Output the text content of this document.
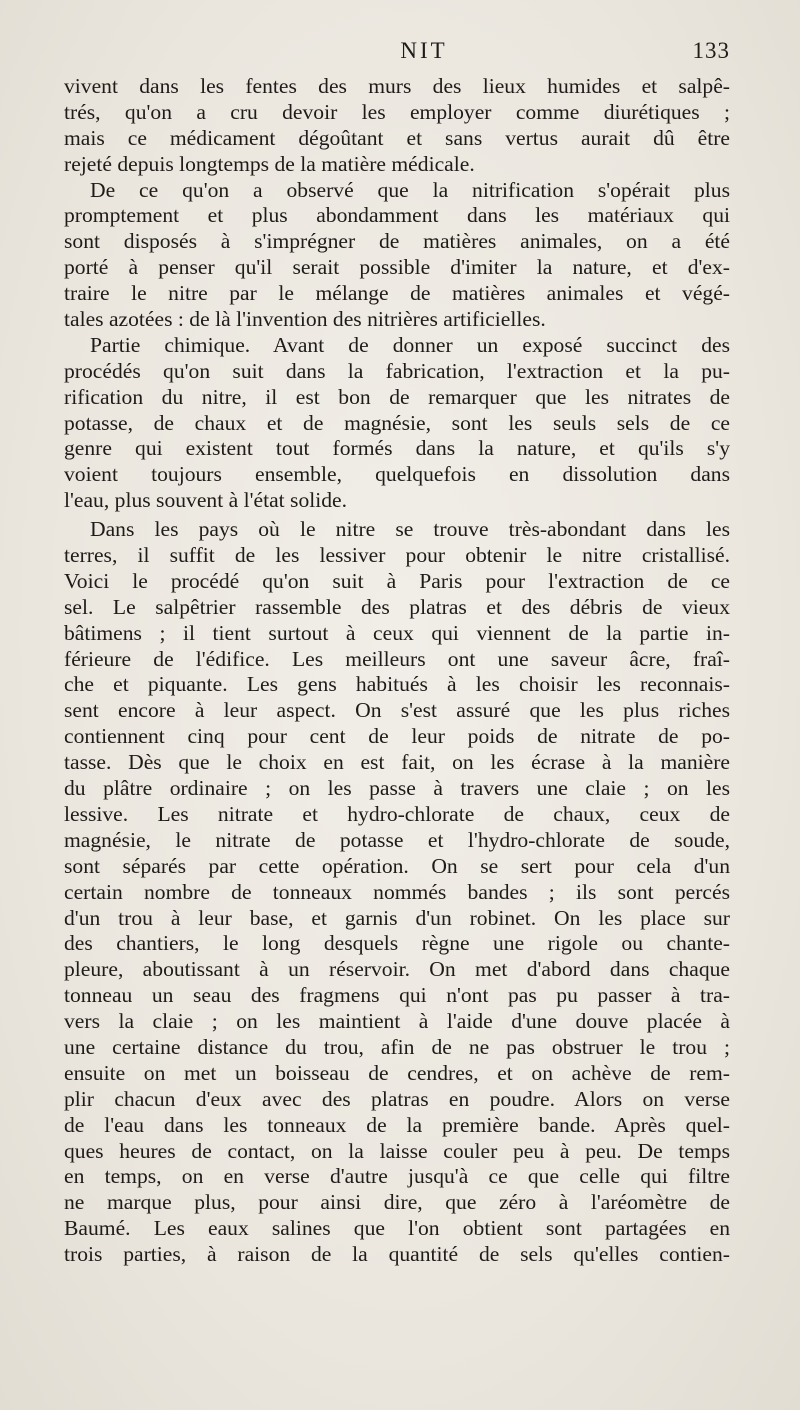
NIT	133
vivent dans les fentes des murs des lieux humides et salpê-
trés, qu'on a cru devoir les employer comme diurétiques ;
mais ce médicament dégoûtant et sans vertus aurait dû être
rejeté depuis longtemps de la matière médicale.
De ce qu'on a observé que la nitrification s'opérait plus
promptement et plus abondamment dans les matériaux qui
sont disposés à s'imprégner de matières animales, on a été
porté à penser qu'il serait possible d'imiter la nature, et d'ex-
traire le nitre par le mélange de matières animales et végé-
tales azotées : de là l'invention des nitrières artificielles.
Partie chimique. Avant de donner un exposé succinct des
procédés qu'on suit dans la fabrication, l'extraction et la pu-
rification du nitre, il est bon de remarquer que les nitrates de
potasse, de chaux et de magnésie, sont les seuls sels de ce
genre qui existent tout formés dans la nature, et qu'ils s'y
voient toujours ensemble, quelquefois en dissolution dans
l'eau, plus souvent à l'état solide.
Dans les pays où le nitre se trouve très-abondant dans les
terres, il suffit de les lessiver pour obtenir le nitre cristallisé.
Voici le procédé qu'on suit à Paris pour l'extraction de ce
sel. Le salpêtrier rassemble des platras et des débris de vieux
bâtimens ; il tient surtout à ceux qui viennent de la partie in-
férieure de l'édifice. Les meilleurs ont une saveur âcre, fraî-
che et piquante. Les gens habitués à les choisir les reconnais-
sent encore à leur aspect. On s'est assuré que les plus riches
contiennent cinq pour cent de leur poids de nitrate de po-
tasse. Dès que le choix en est fait, on les écrase à la manière
du plâtre ordinaire ; on les passe à travers une claie ; on les
lessive. Les nitrate et hydro-chlorate de chaux, ceux de
magnésie, le nitrate de potasse et l'hydro-chlorate de soude,
sont séparés par cette opération. On se sert pour cela d'un
certain nombre de tonneaux nommés bandes ; ils sont percés
d'un trou à leur base, et garnis d'un robinet. On les place sur
des chantiers, le long desquels règne une rigole ou chante-
pleure, aboutissant à un réservoir. On met d'abord dans chaque
tonneau un seau des fragmens qui n'ont pas pu passer à tra-
vers la claie ; on les maintient à l'aide d'une douve placée à
une certaine distance du trou, afin de ne pas obstruer le trou ;
ensuite on met un boisseau de cendres, et on achève de rem-
plir chacun d'eux avec des platras en poudre. Alors on verse
de l'eau dans les tonneaux de la première bande. Après quel-
ques heures de contact, on la laisse couler peu à peu. De temps
en temps, on en verse d'autre jusqu'à ce que celle qui filtre
ne marque plus, pour ainsi dire, que zéro à l'aréomètre de
Baumé. Les eaux salines que l'on obtient sont partagées en
trois parties, à raison de la quantité de sels qu'elles contien-
